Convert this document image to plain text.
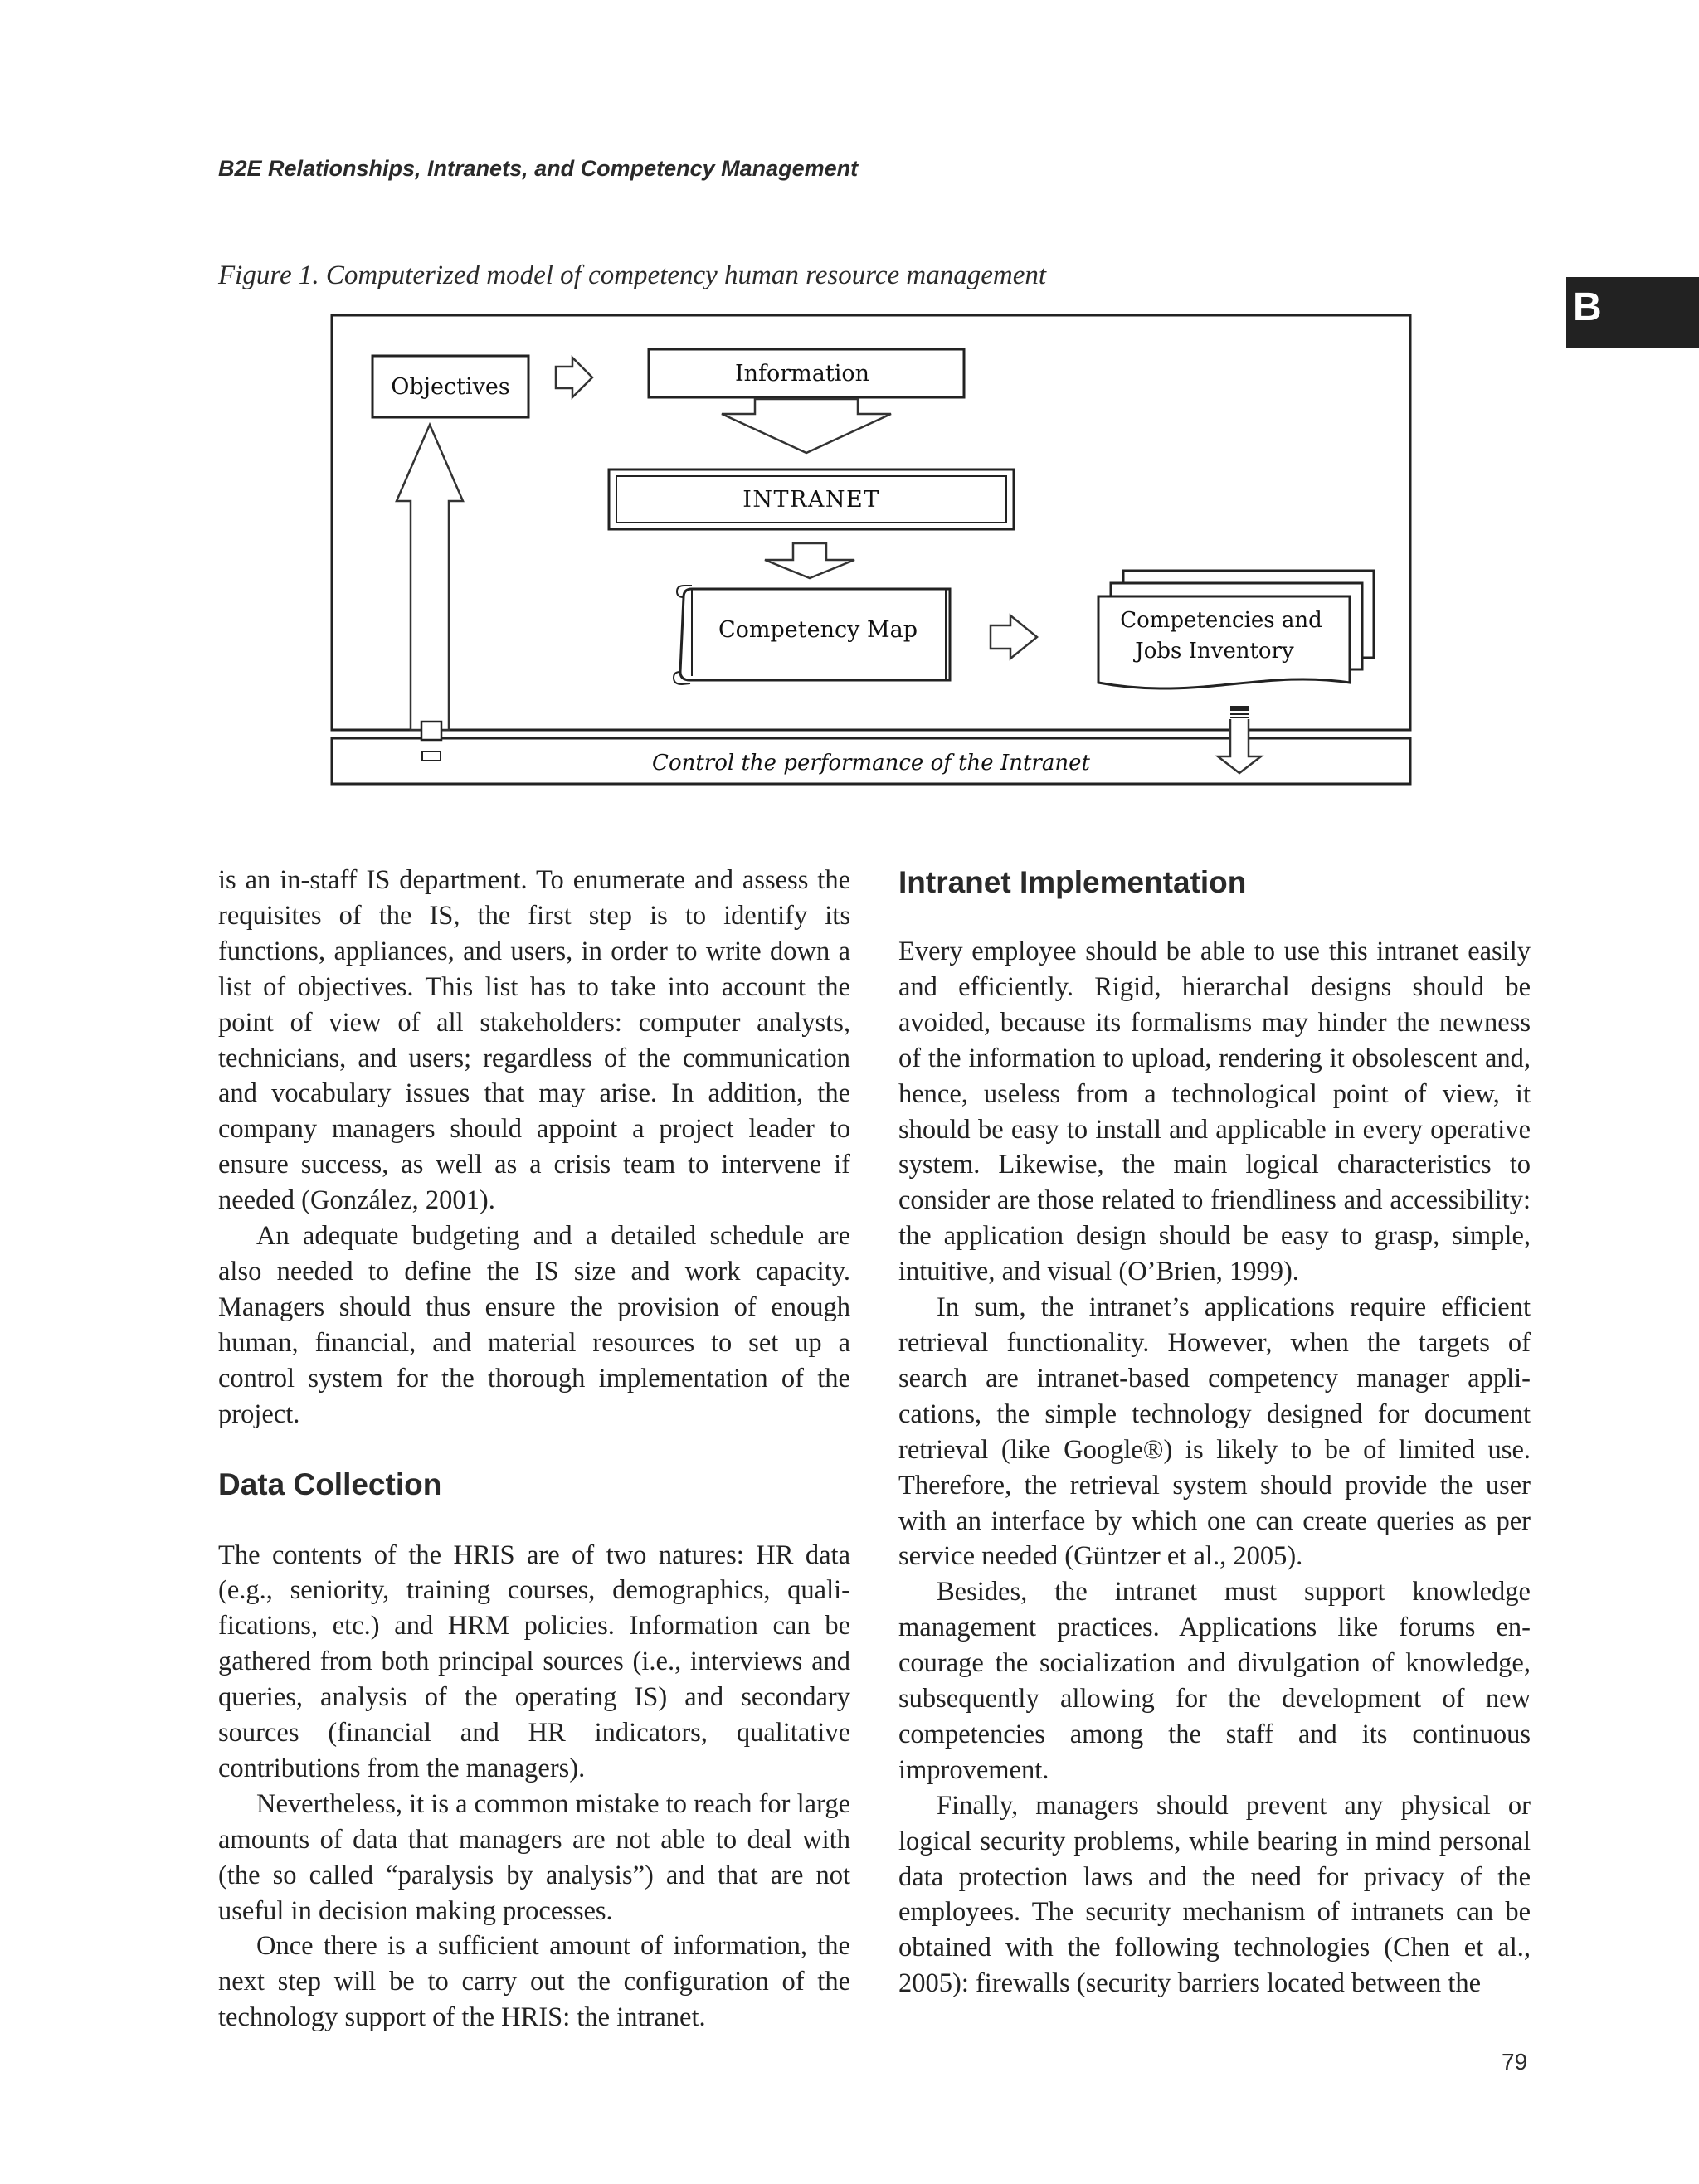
B2E Relationships, Intranets, and Competency Management
B
Figure 1. Computerized model of competency human resource management
Control the performance of the Intranet
Objectives
Information
INTRANET
Competency Map	Competencies and
Jobs Inventory

is an in-staff IS department. To enumerate and assess the requisites of the IS, the first step is to identify its functions, appliances, and users, in order to write down a list of objectives. This list has to take into account the point of view of all stakeholders: computer analysts, technicians, and users; regardless of the communication and vocabulary issues that may arise. In addition, the company managers should appoint a project leader to ensure success, as well as a crisis team to intervene if needed (González, 2001).

An adequate budgeting and a detailed schedule are also needed to define the IS size and work capacity. Managers should thus ensure the provision of enough human, financial, and material resources to set up a control system for the thorough implementation of the project.

Data Collection

The contents of the HRIS are of two natures: HR data (e.g., seniority, training courses, demographics, qualifications, etc.) and HRM policies. Information can be gathered from both principal sources (i.e., interviews and queries, analysis of the operating IS) and secondary sources (financial and HR indicators, qualitative contributions from the managers).

Nevertheless, it is a common mistake to reach for large amounts of data that managers are not able to deal with (the so called “paralysis by analysis”) and that are not useful in decision making processes.

Once there is a sufficient amount of information, the next step will be to carry out the configuration of the technology support of the HRIS: the intranet.

Intranet Implementation

Every employee should be able to use this intranet easily and efficiently. Rigid, hierarchal designs should be avoided, because its formalisms may hinder the newness of the information to upload, rendering it obsolescent and, hence, useless from a technological point of view, it should be easy to install and applicable in every operative system. Likewise, the main logical characteristics to consider are those related to friendliness and accessibility: the application design should be easy to grasp, simple, intuitive, and visual (O’Brien, 1999).

In sum, the intranet’s applications require efficient retrieval functionality. However, when the targets of search are intranet-based competency manager applications, the simple technology designed for document retrieval (like Google®) is likely to be of limited use. Therefore, the retrieval system should provide the user with an interface by which one can create queries as per service needed (Güntzer et al., 2005).

Besides, the intranet must support knowledge management practices. Applications like forums encourage the socialization and divulgation of knowledge, subsequently allowing for the development of new competencies among the staff and its continuous improvement.

Finally, managers should prevent any physical or logical security problems, while bearing in mind personal data protection laws and the need for privacy of the employees. The security mechanism of intranets can be obtained with the following technologies (Chen et al., 2005): firewalls (security barriers located between the

79
